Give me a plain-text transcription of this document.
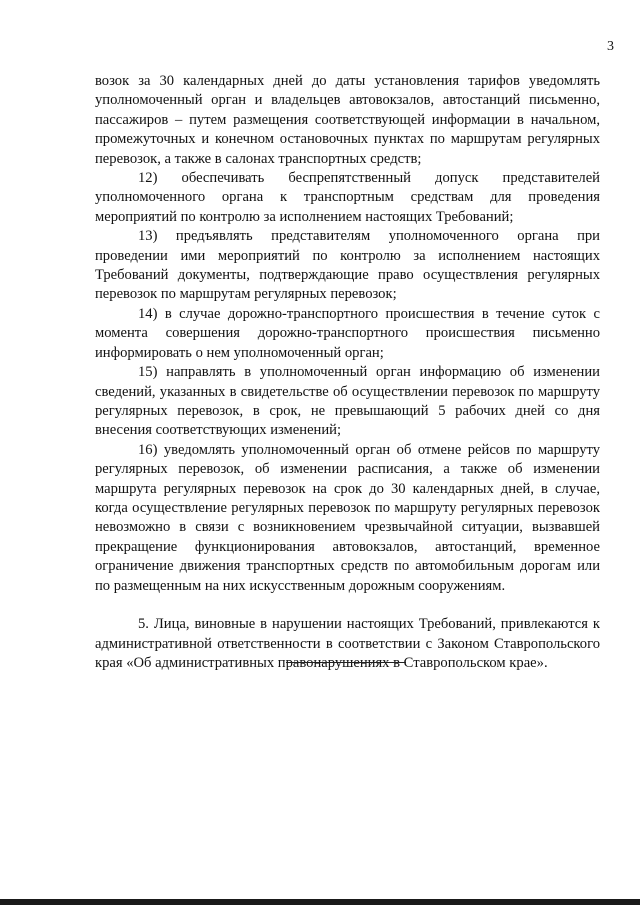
3

возок за 30 календарных дней до даты установления тарифов уведомлять уполномоченный орган и владельцев автовокзалов, автостанций письменно, пассажиров – путем размещения соответствующей информации в начальном, промежуточных и конечном остановочных пунктах по маршрутам регулярных перевозок, а также в салонах транспортных средств;

12) обеспечивать беспрепятственный допуск представителей уполномоченного органа к транспортным средствам для проведения мероприятий по контролю за исполнением настоящих Требований;

13) предъявлять представителям уполномоченного органа при проведении ими мероприятий по контролю за исполнением настоящих Требований документы, подтверждающие право осуществления регулярных перевозок по маршрутам регулярных перевозок;

14) в случае дорожно-транспортного происшествия в течение суток с момента совершения дорожно-транспортного происшествия письменно информировать о нем уполномоченный орган;

15) направлять в уполномоченный орган информацию об изменении сведений, указанных в свидетельстве об осуществлении перевозок по маршруту регулярных перевозок, в срок, не превышающий 5 рабочих дней со дня внесения соответствующих изменений;

16) уведомлять уполномоченный орган об отмене рейсов по маршруту регулярных перевозок, об изменении расписания, а также об изменении маршрута регулярных перевозок на срок до 30 календарных дней, в случае, когда осуществление регулярных перевозок по маршруту регулярных перевозок невозможно в связи с возникновением чрезвычайной ситуации, вызвавшей прекращение функционирования автовокзалов, автостанций, временное ограничение движения транспортных средств по автомобильным дорогам или по размещенным на них искусственным дорожным сооружениям.

5. Лица, виновные в нарушении настоящих Требований, привлекаются к административной ответственности в соответствии с Законом Ставропольского края «Об административных правонарушениях в Ставропольском крае».
